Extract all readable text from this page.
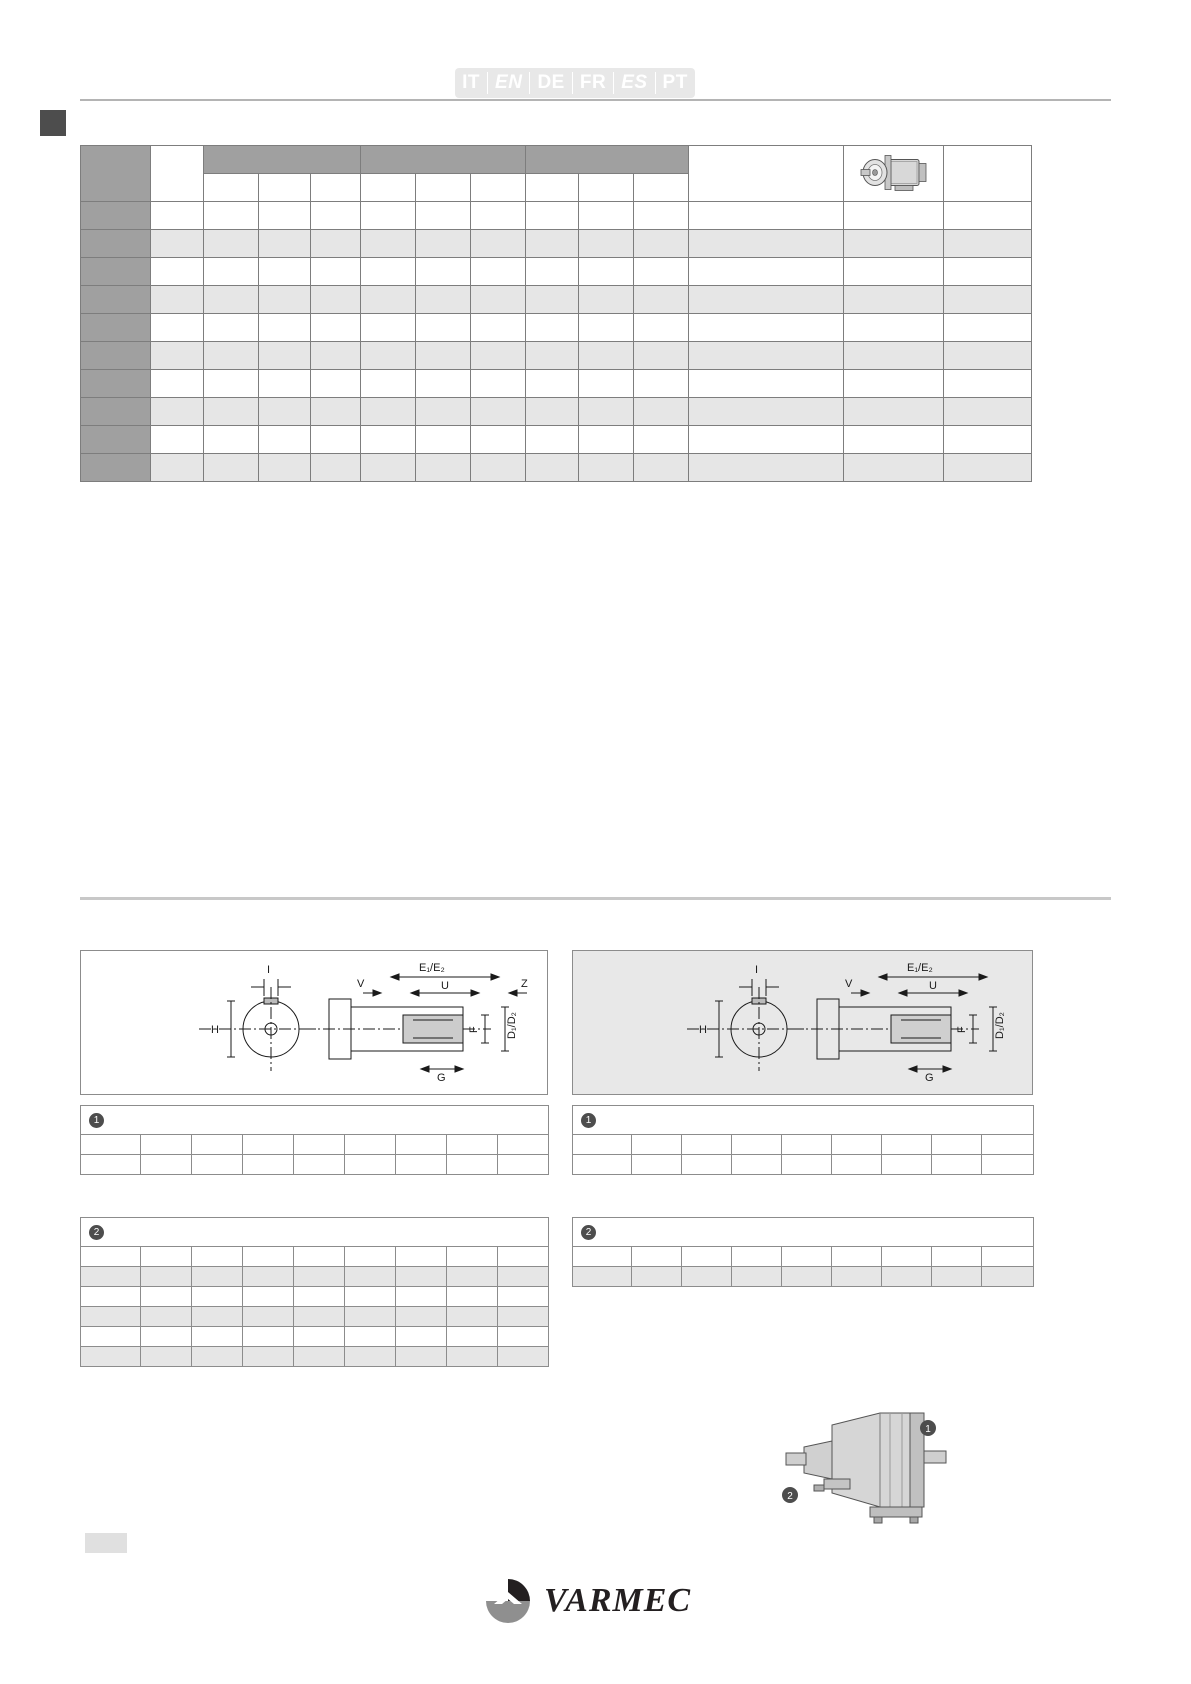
IT EN DE FR ES PT

I
H
V	U	Z
E₁/E₂
F D₁/D₂
G
I
H
V	U
E₁/E₂
F D₁/D₂
G
1								

									1								

2								

									2								

1
2
VARMEC
